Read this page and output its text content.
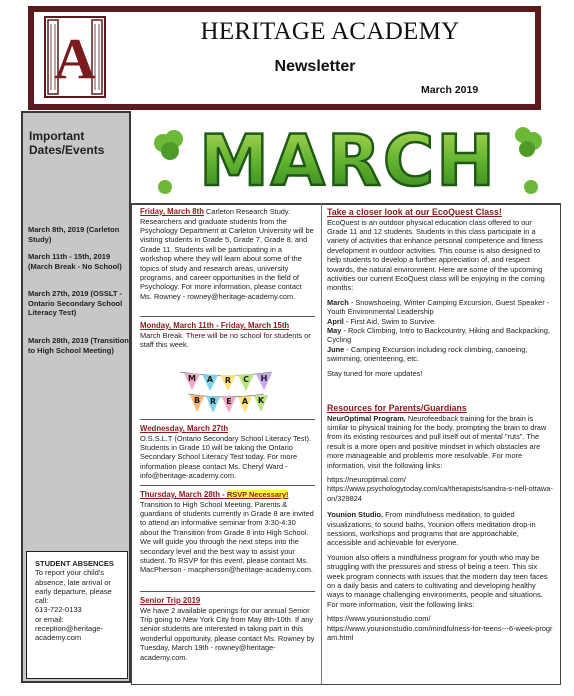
A	HERITAGE ACADEMY
Newsletter
March 2019
Important Dates/Events
March 8th, 2019 (Carleton Study)
March 11th - 15th, 2019 (March Break - No School)
March 27th, 2019 (OSSLT - Ontario Secondary School Literacy Test)
March 28th, 2019 (Transition to High School Meeting)
STUDENT ABSENCES
To report your child's absence, late arrival or early departure, please call:
613-722-0133
or email:
reception@heritage-academy.com
MARCH
Friday, March 8th Carleton Research Study. Researchers and graduate students from the Psychology Department at Carleton University will be visiting students in Grade 5, Grade 7, Grade 8, and Grade 11. Students will be participating in a workshop where they will learn about some of the topics of study and research areas, university programs, and career opportunities in the field of Psychology. For more information, please contact Ms. Rowney - rowney@heritage-academy.com.
Monday, March 11th - Friday, March 15th
March Break. There will be no school for students or staff this week.
M A R C H
B R E A K
Wednesday, March 27th
O.S.S.L.T (Ontario Secondary School Literacy Test). Students in Grade 10 will be taking the Ontario Secondary School Literacy Test today. For more information please contact Ms. Cheryl Ward - info@heritage-academy.com.
Thursday, March 28th - RSVP Necessary!
Transition to High School Meeting. Parents & guardians of students currently in Grade 8 are invited to attend an informative seminar from 3:30-4:30 about the Transition from Grade 8 into High School. We will guide you through the next steps into the secondary level and the best way to assist your student. To RSVP for this event, please contact Ms. MacPherson - macpherson@heritage-academy.com.
Senior Trip 2019
We have 2 available openings for our annual Senior Trip going to New York City from May 8th-10th. If any senior students are interested in taking part in this wonderful opportunity, please contact Ms. Rowney by Tuesday, March 19th - rowney@heritage-academy.com.
Take a closer look at our EcoQuest Class!
EcoQuest is an outdoor physical education class offered to our Grade 11 and 12 students. Students in this class participate in a variety of activities that enhance personal competence and fitness development in outdoor activities. This course is also designed to help students to develop a further appreciation of, and respect towards, the natural environment. Here are some of the upcoming activities our current EcoQuest class will be enjoying in the coming months:
March - Snowshoeing, Winter Camping Excursion, Guest Speaker - Youth Environmental Leadership
April - First Aid, Swim to Survive
May - Rock Climbing, Intro to Backcountry, Hiking and Backpacking, Cycling
June - Camping Excursion including rock climbing, canoeing, swimming, orienteering, etc.
Stay tuned for more updates!
Resources for Parents/Guardians
NeurOptimal Program. Neurofeedback training for the brain is similar to physical training for the body, prompting the brain to draw from its existing resources and pull itself out of mental "ruts". The result is a more open and positive mindset in which obstacles are more manageable and problems more resolvable. For more information, visit the following links:
https://neuroptimal.com/
https://www.psychologytoday.com/ca/therapists/sandra-s-nell-ottawa-on/329824
Younion Studio. From mindfulness meditation, to guided visualizations, to sound baths, Younion offers meditation drop-in sessions, workshops and programs that are approachable, accessible and achievable for everyone.
Younion also offers a mindfulness program for youth who may be struggling with the pressures and stress of being a teen. This six week program connects with issues that the modern day teen faces on a daily basis and caters to cultivating and developing healthy ways to manage challenging environments, people and situations. For more information, visit the following links:
https://www.younionstudio.com/
https://www.younionstudio.com/mindfulness-for-teens---6-week-program.html
